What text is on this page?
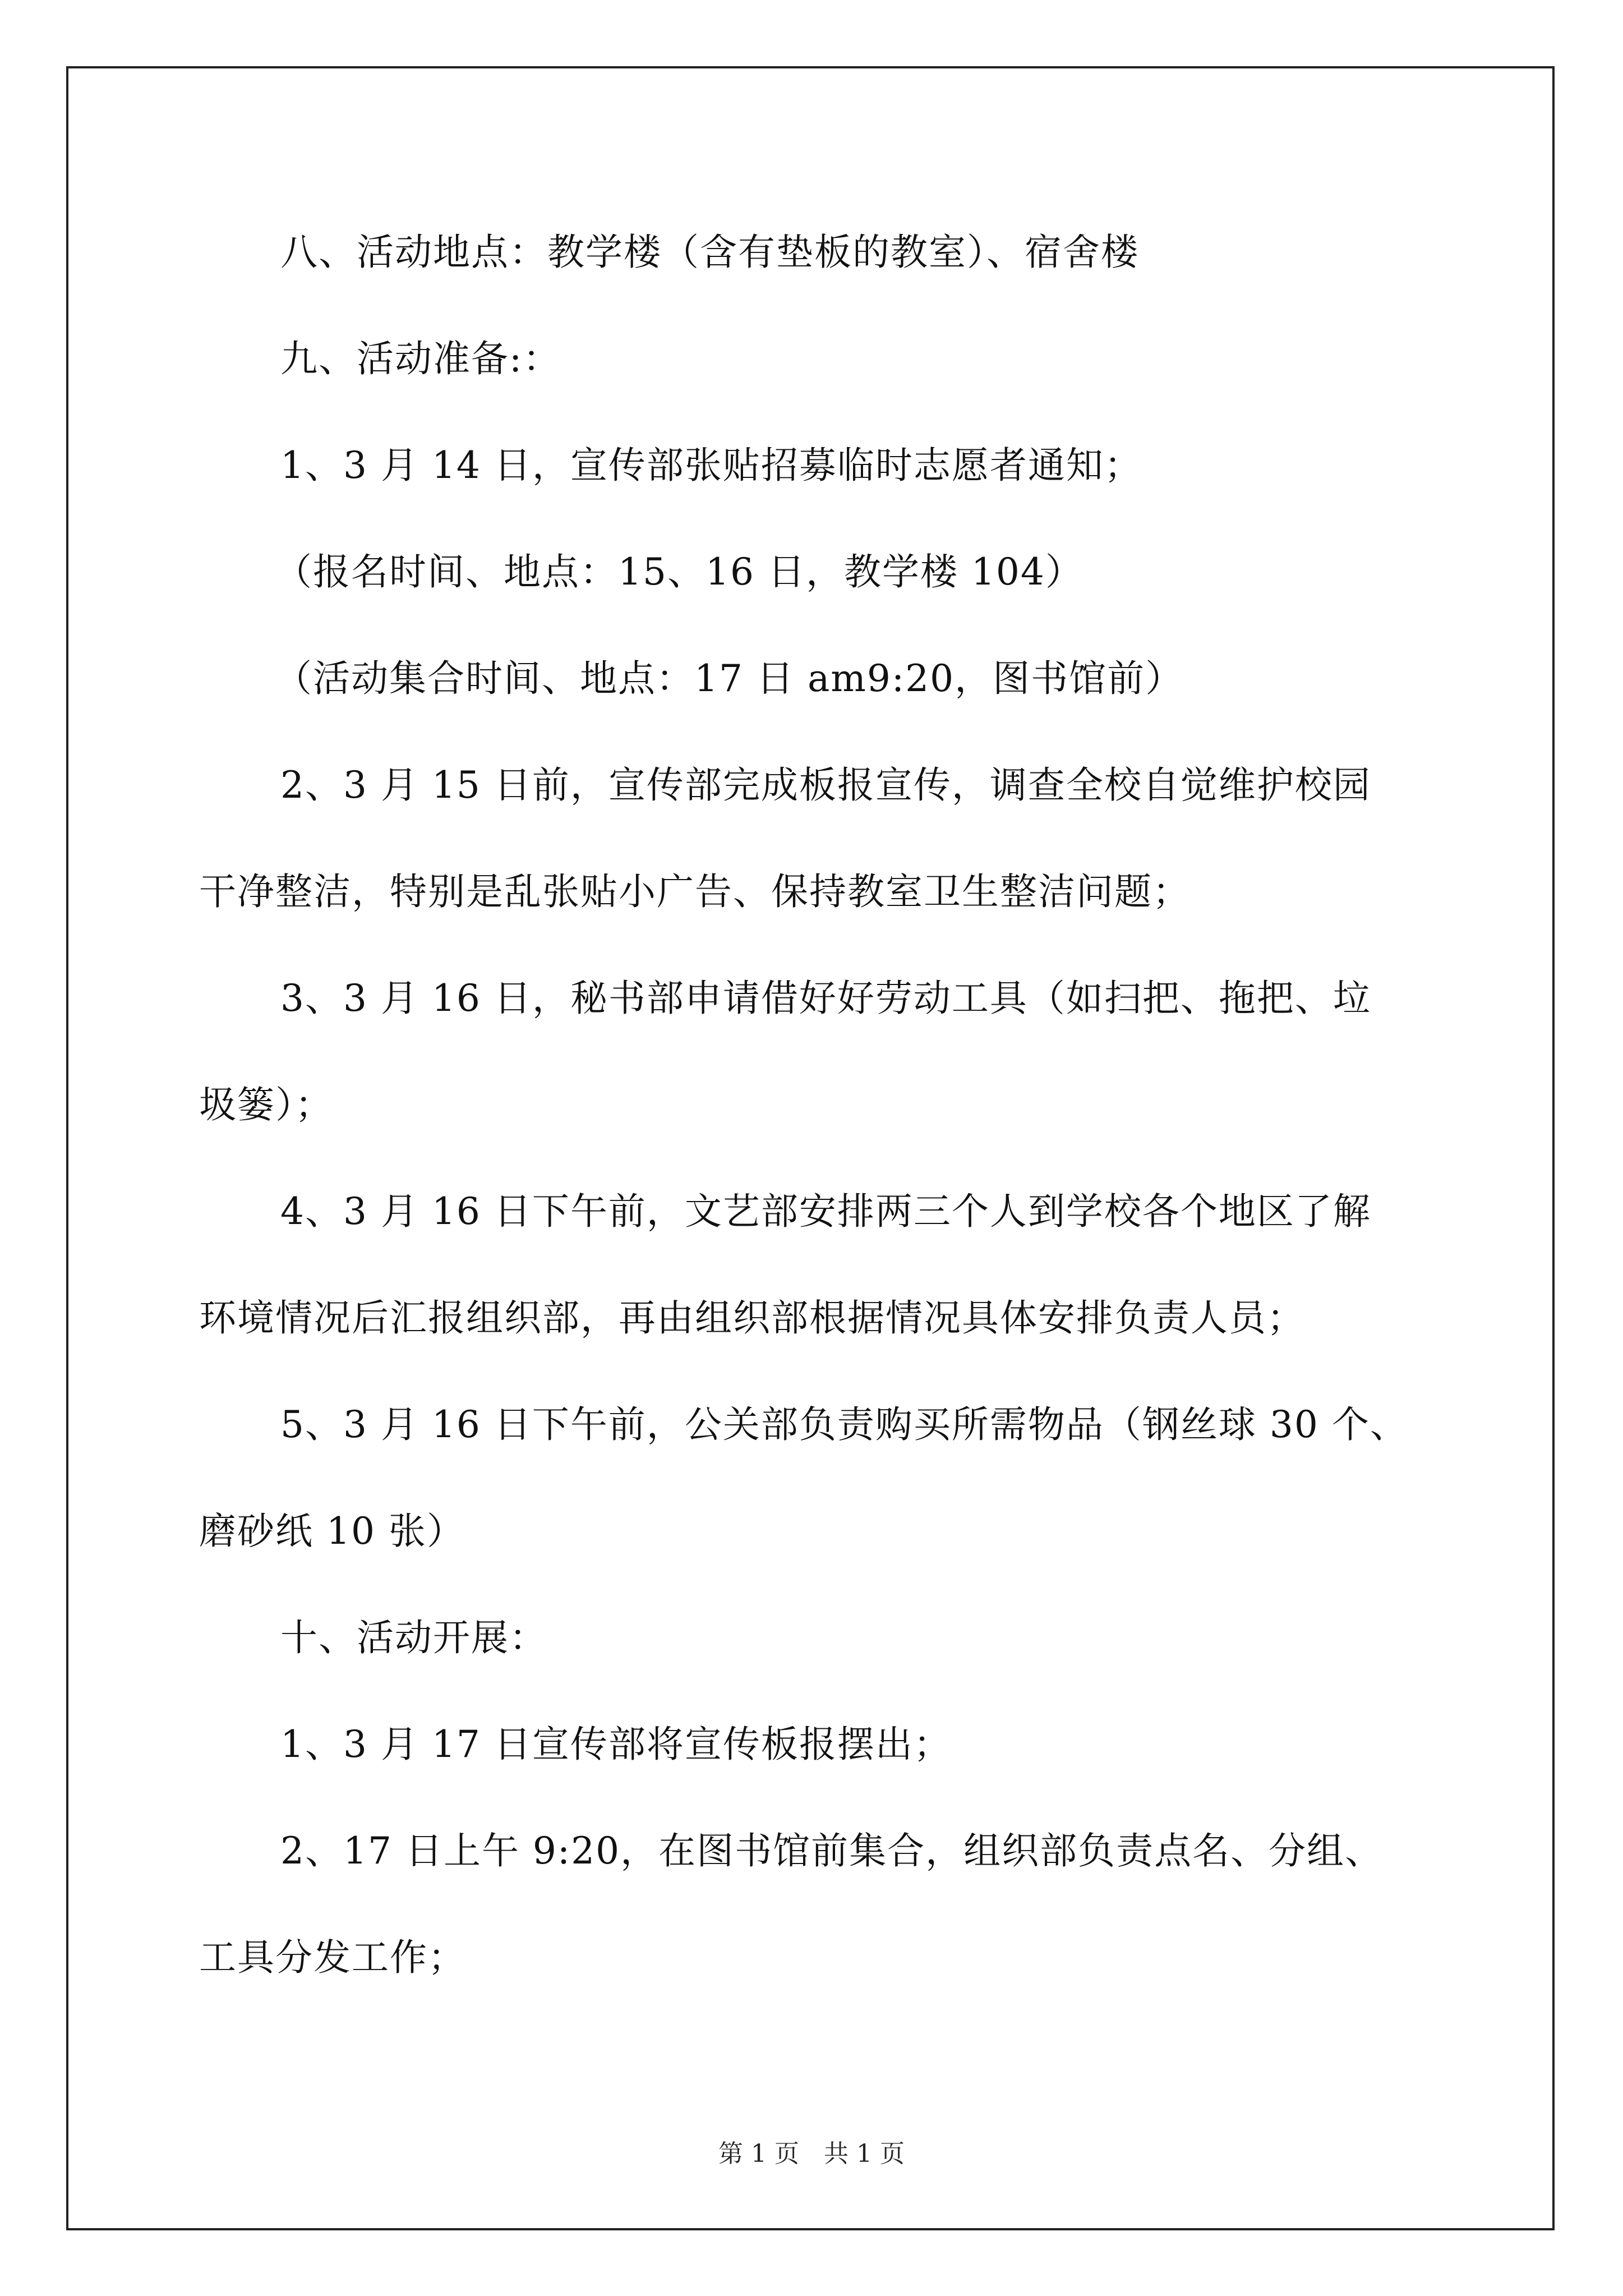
八、活动地点：教学楼（含有垫板的教室）、宿舍楼
九、活动准备:：
1、3 月 14 日，宣传部张贴招募临时志愿者通知；
（报名时间、地点：15、16 日，教学楼 104）
（活动集合时间、地点：17 日 am9:20，图书馆前）
2、3 月 15 日前，宣传部完成板报宣传，调查全校自觉维护校园
干净整洁，特别是乱张贴小广告、保持教室卫生整洁问题；
3、3 月 16 日，秘书部申请借好好劳动工具（如扫把、拖把、垃
圾篓）；
4、3 月 16 日下午前，文艺部安排两三个人到学校各个地区了解
环境情况后汇报组织部，再由组织部根据情况具体安排负责人员；
5、3 月 16 日下午前，公关部负责购买所需物品（钢丝球 30 个、
磨砂纸 10 张）
十、活动开展：
1、3 月 17 日宣传部将宣传板报摆出；
2、17 日上午 9:20，在图书馆前集合，组织部负责点名、分组、
工具分发工作；
第 1 页　共 1 页
